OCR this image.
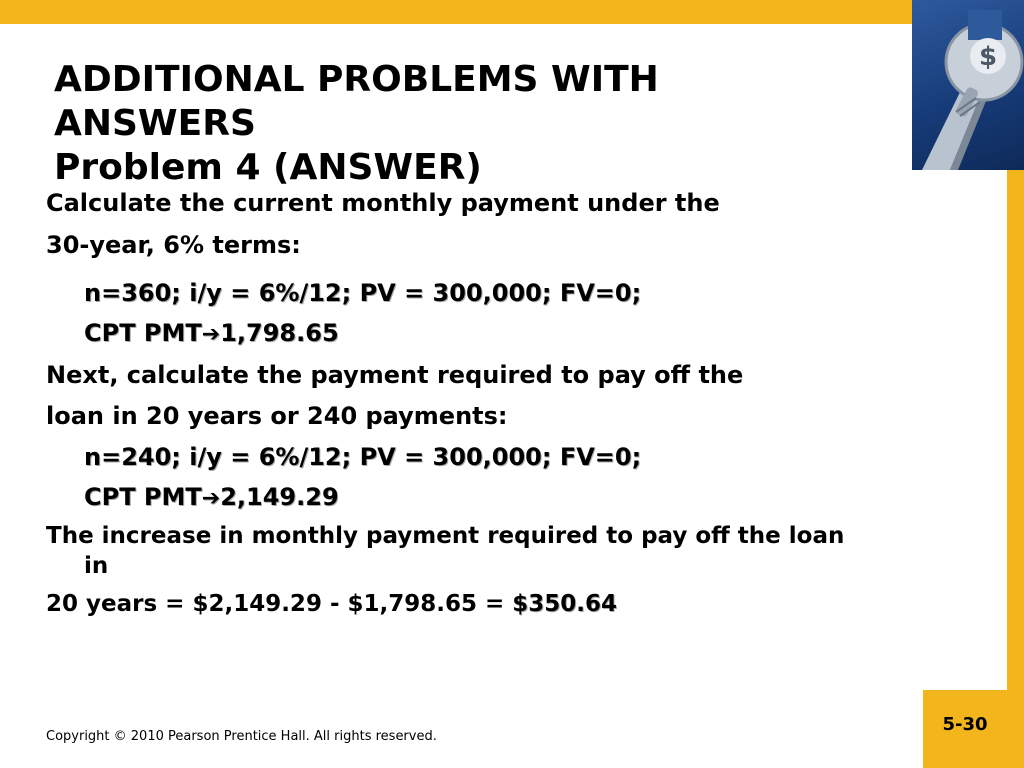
$
ADDITIONAL PROBLEMS WITH
ANSWERS
Problem 4 (ANSWER)
Calculate the current monthly payment under the
30-year, 6% terms:
n=360; i/y = 6%/12; PV = 300,000; FV=0;
CPT PMT➔1,798.65
Next, calculate the payment required to pay off the
loan in 20 years or 240 payments:
n=240; i/y = 6%/12; PV = 300,000; FV=0;
CPT PMT➔2,149.29
The increase in monthly payment required to pay off the loan
in
20 years = $2,149.29 - $1,798.65 = $350.64
Copyright © 2010 Pearson Prentice Hall. All rights reserved.
5-30
